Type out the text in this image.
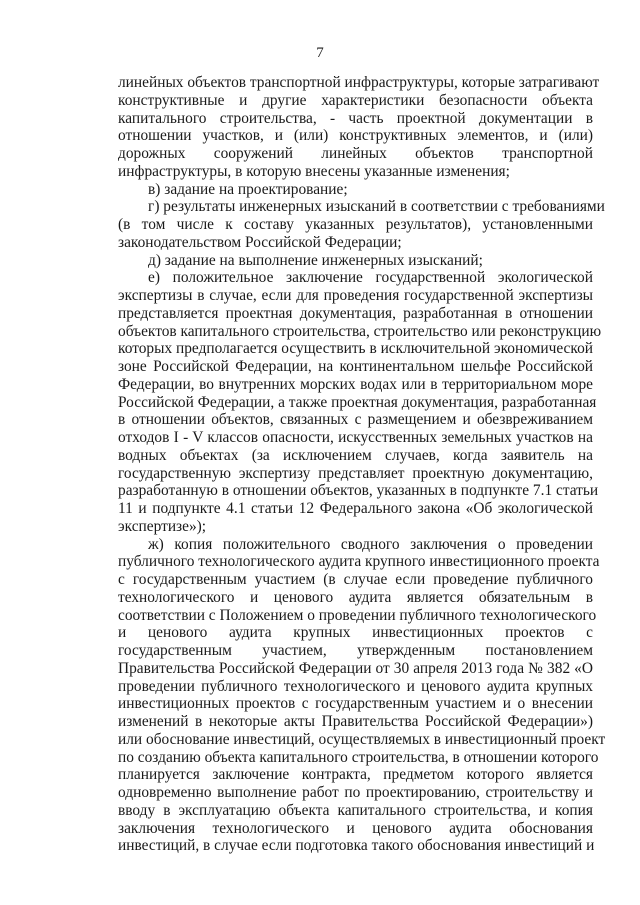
7
линейных объектов транспортной инфраструктуры, которые затрагивают
конструктивные и другие характеристики безопасности объекта
капитального строительства, - часть проектной документации в
отношении участков, и (или) конструктивных элементов, и (или)
дорожных сооружений линейных объектов транспортной
инфраструктуры, в которую внесены указанные изменения;
в) задание на проектирование;
г) результаты инженерных изысканий в соответствии с требованиями
(в том числе к составу указанных результатов), установленными
законодательством Российской Федерации;
д) задание на выполнение инженерных изысканий;
е) положительное заключение государственной экологической
экспертизы в случае, если для проведения государственной экспертизы
представляется проектная документация, разработанная в отношении
объектов капитального строительства, строительство или реконструкцию
которых предполагается осуществить в исключительной экономической
зоне Российской Федерации, на континентальном шельфе Российской
Федерации, во внутренних морских водах или в территориальном море
Российской Федерации, а также проектная документация, разработанная
в отношении объектов, связанных с размещением и обезвреживанием
отходов I - V классов опасности, искусственных земельных участков на
водных объектах (за исключением случаев, когда заявитель на
государственную экспертизу представляет проектную документацию,
разработанную в отношении объектов, указанных в подпункте 7.1 статьи
11 и подпункте 4.1 статьи 12 Федерального закона «Об экологической
экспертизе»);
ж) копия положительного сводного заключения о проведении
публичного технологического аудита крупного инвестиционного проекта
с государственным участием (в случае если проведение публичного
технологического и ценового аудита является обязательным в
соответствии с Положением о проведении публичного технологического
и ценового аудита крупных инвестиционных проектов с
государственным участием, утвержденным постановлением
Правительства Российской Федерации от 30 апреля 2013 года № 382 «О
проведении публичного технологического и ценового аудита крупных
инвестиционных проектов с государственным участием и о внесении
изменений в некоторые акты Правительства Российской Федерации»)
или обоснование инвестиций, осуществляемых в инвестиционный проект
по созданию объекта капитального строительства, в отношении которого
планируется заключение контракта, предметом которого является
одновременно выполнение работ по проектированию, строительству и
вводу в эксплуатацию объекта капитального строительства, и копия
заключения технологического и ценового аудита обоснования
инвестиций, в случае если подготовка такого обоснования инвестиций и
